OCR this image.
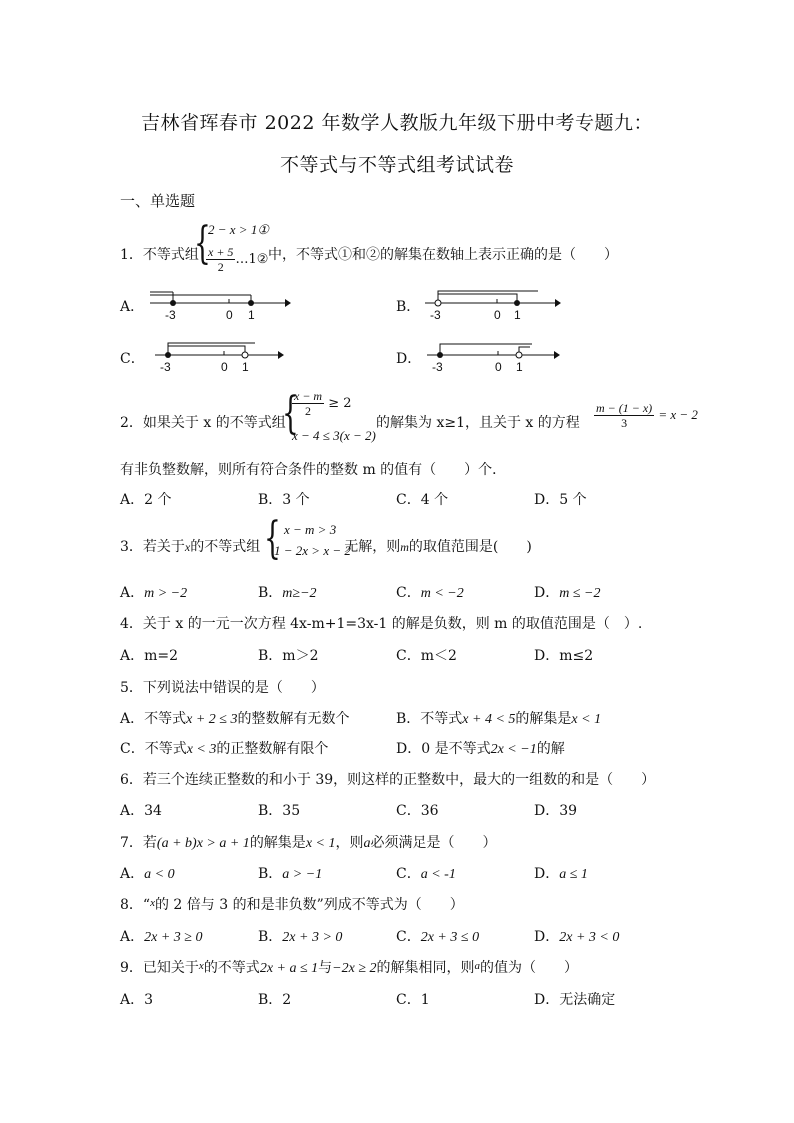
吉林省珲春市 2022 年数学人教版九年级下册中考专题九：
不等式与不等式组考试试卷
一、单选题
1．不等式组
{
2 − x > 1①
$\frac{x + 5}{2}$ …1② 中，不等式①和②的解集在数轴上表示正确的是（　　）
A． -3	0 1	B． -3	0 1
C． -3	0 1	D． -3	0 1
2．如果关于 x 的不等式组
{
$\frac{x - m}{2} \ge 2$
x − 4 ≤ 3(x − 2)
的解集为 x≥1，且关于 x 的方程 $\frac{m - (1 - x)}{3} = x - 2$
有非负整数解，则所有符合条件的整数 m 的值有（　　）个．
A．2 个	B．3 个	C．4 个	D．5 个
3．若关于x的不等式组	无解，则m的取值范围是(　　)
{ x − m > 3
1 − 2x > x − 2
A．m > −2	B．m≥−2	C．m < −2	D．m ≤ −2
4．关于 x 的一元一次方程 4x-m+1=3x-1 的解是负数，则 m 的取值范围是（　）.
A．m=2	B．m＞2	C．m＜2	D．m≤2
5．下列说法中错误的是（　　）
A．不等式x + 2 ≤ 3的整数解有无数个	B．不等式x + 4 < 5的解集是x < 1
C．不等式x < 3的正整数解有限个	D．0 是不等式2x < −1的解
6．若三个连续正整数的和小于 39，则这样的正整数中，最大的一组数的和是（　　）
A．34	B．35	C．36	D．39
7．若(a + b)x > a + 1的解集是x < 1，则a必须满足是（　　）
A．a < 0	B．a > −1	C．a < -1	D．a ≤ 1
8．“$^x$的 2 倍与 3 的和是非负数”列成不等式为（　　）
A．2x + 3 ≥ 0	B．2x + 3 > 0	C．2x + 3 ≤ 0	D．2x + 3 < 0
9．已知关于$^x$的不等式2x + a ≤ 1与−2x ≥ 2的解集相同，则$^a$的值为（　　）
A．3	B．2	C．1	D．无法确定
